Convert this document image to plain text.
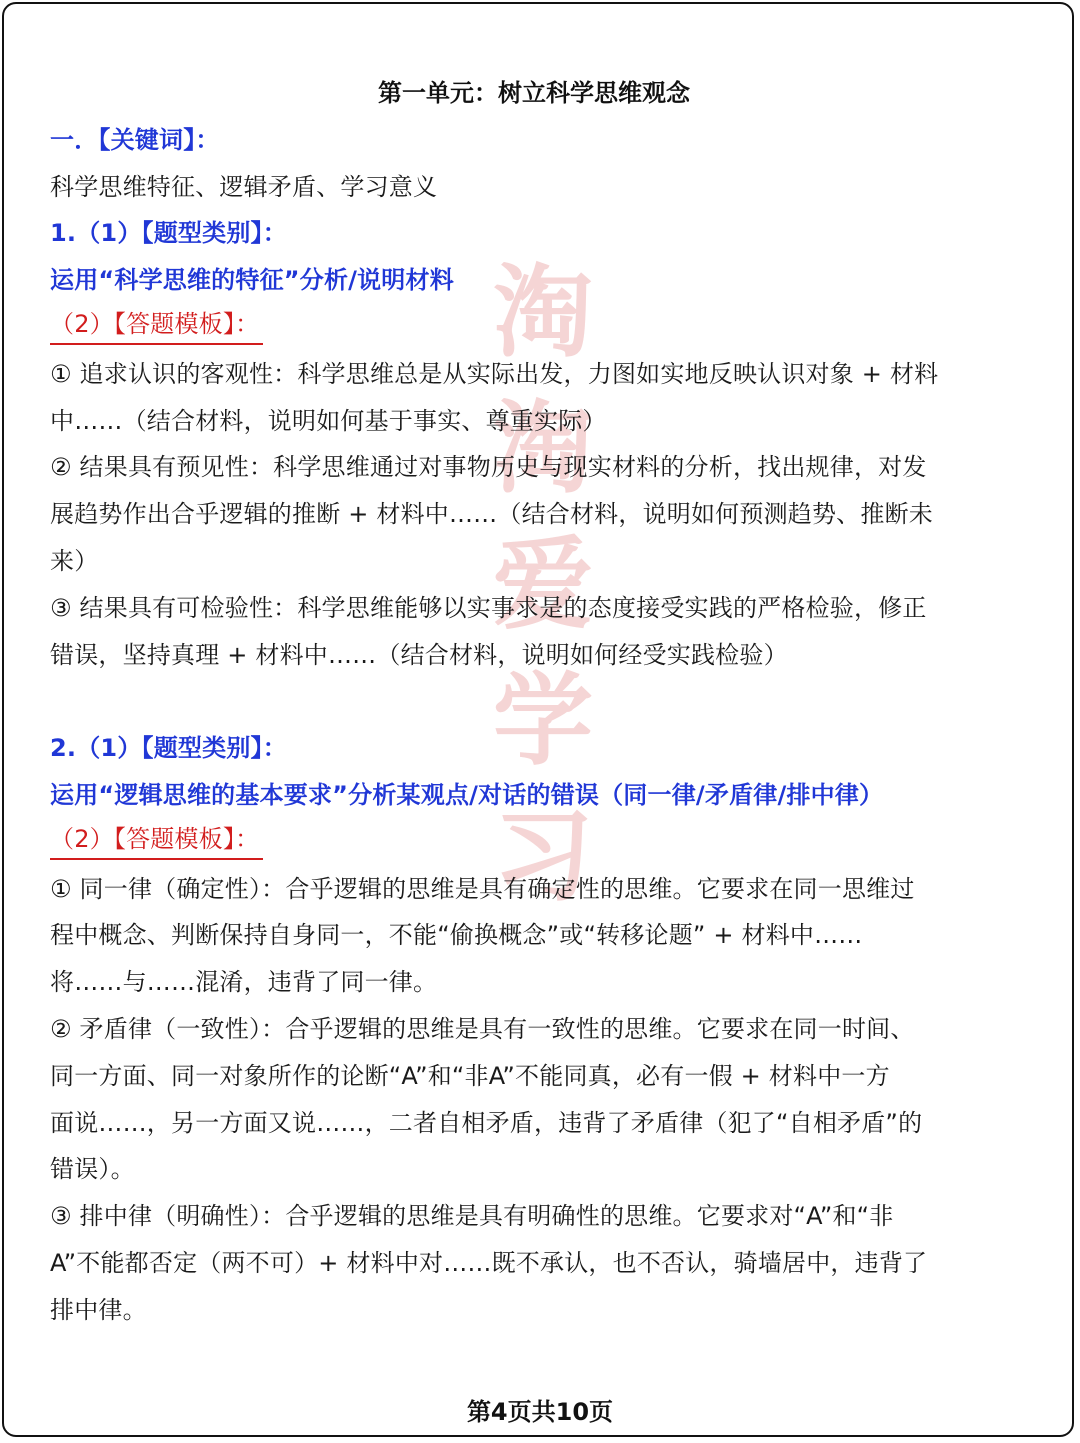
淘
淘
爱
学
习
第一单元：树立科学思维观念
一．【关键词】：
科学思维特征、逻辑矛盾、学习意义
1.（1）【题型类别】：
运用“科学思维的特征”分析/说明材料
（2）【答题模板】：
① 追求认识的客观性：科学思维总是从实际出发，力图如实地反映认识对象 + 材料
中……（结合材料，说明如何基于事实、尊重实际）
② 结果具有预见性：科学思维通过对事物历史与现实材料的分析，找出规律，对发
展趋势作出合乎逻辑的推断 + 材料中……（结合材料，说明如何预测趋势、推断未
来）
③ 结果具有可检验性：科学思维能够以实事求是的态度接受实践的严格检验，修正
错误，坚持真理 + 材料中……（结合材料，说明如何经受实践检验）
2.（1）【题型类别】：
运用“逻辑思维的基本要求”分析某观点/对话的错误（同一律/矛盾律/排中律）
（2）【答题模板】：
① 同一律（确定性）：合乎逻辑的思维是具有确定性的思维。它要求在同一思维过
程中概念、判断保持自身同一，不能“偷换概念”或“转移论题” + 材料中……
将……与……混淆，违背了同一律。
② 矛盾律（一致性）：合乎逻辑的思维是具有一致性的思维。它要求在同一时间、
同一方面、同一对象所作的论断“A”和“非A”不能同真，必有一假 + 材料中一方
面说……，另一方面又说……，二者自相矛盾，违背了矛盾律（犯了“自相矛盾”的
错误）。
③ 排中律（明确性）：合乎逻辑的思维是具有明确性的思维。它要求对“A”和“非
A”不能都否定（两不可）+ 材料中对……既不承认，也不否认，骑墙居中，违背了
排中律。
第4页共10页
